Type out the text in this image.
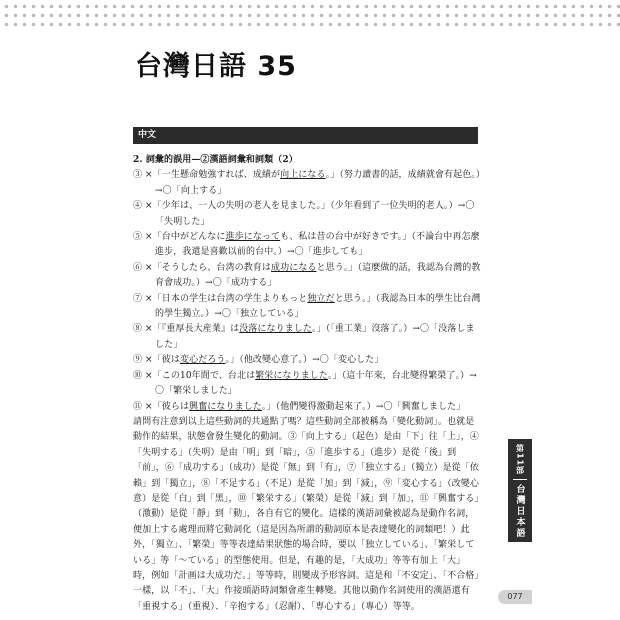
台灣日語 35
中文
2. 詞彙的誤用—②漢語詞彙和詞類（2）
③ ×「一生懸命勉強すれば、成績が向上になる。」（努力讀書的話，成績就會有起色。）→〇「向上する」
④ ×「少年は、一人の失明の老人を見ました。」（少年看到了一位失明的老人。）→〇「失明した」
⑤ ×「台中がどんなに進歩になっても、私は昔の台中が好きです。」（不論台中再怎麼進步，我還是喜歡以前的台中。）→〇「進歩しても」
⑥ ×「そうしたら、台湾の教育は成功になると思う。」（這麼做的話，我認為台灣的教育會成功。）→〇「成功する」
⑦ ×「日本の学生は台湾の学生よりもっと独立だと思う。」（我認為日本的學生比台灣的學生獨立。）→〇「独立している」
⑧ ×「『重厚長大産業』は没落になりました。」（「重工業」沒落了。）→〇「没落しました」
⑨ ×「彼は変心だろう。」（他改變心意了。）→〇「変心した」
⑩ ×「この10年間で、台北は繁栄になりました。」（這十年來，台北變得繁榮了。）→〇「繁栄しました」
⑪ ×「彼らは興奮になりました。」（他們變得激動起來了。）→〇「興奮しました」

請問有注意到以上這些動詞的共通點了嗎？這些動詞全部被稱為「變化動詞」。也就是動作的結果，狀態會發生變化的動詞。③「向上する」（起色）是由「下」往「上」，④「失明する」（失明）是由「明」到「暗」，⑤「進歩する」（進步）是從「後」到「前」，⑥「成功する」（成功）是從「無」到「有」，⑦「独立する」（獨立）是從「依賴」到「獨立」，⑧「不足する」（不足）是從「加」到「減」，⑨「変心する」（改變心意）是從「白」到「黑」，⑩「繁栄する」（繁榮）是從「減」到「加」，⑪「興奮する」（激動）是從「靜」到「動」，各自有它的變化。這樣的漢語詞彙被認為是動作名詞，便加上する處理而將它動詞化（這是因為所謂的動詞原本是表達變化的詞類吧！）此外，「獨立」、「繁榮」等等表達結果狀態的場合時，要以「独立している」、「繁栄している」等「～ている」的型態使用。但是，有趣的是，「大成功」等等有加上「大」時，例如「計画は大成功だ。」等等時，則變成予形容詞。這是和「不安定」、「不合格」一樣，以「不」、「大」作接頭語時詞類會產生轉變。其他以動作名詞使用的漢語還有「重視する」（重視）、「辛抱する」（忍耐）、「専心する」（專心）等等。

第11部
台灣日本語
077
